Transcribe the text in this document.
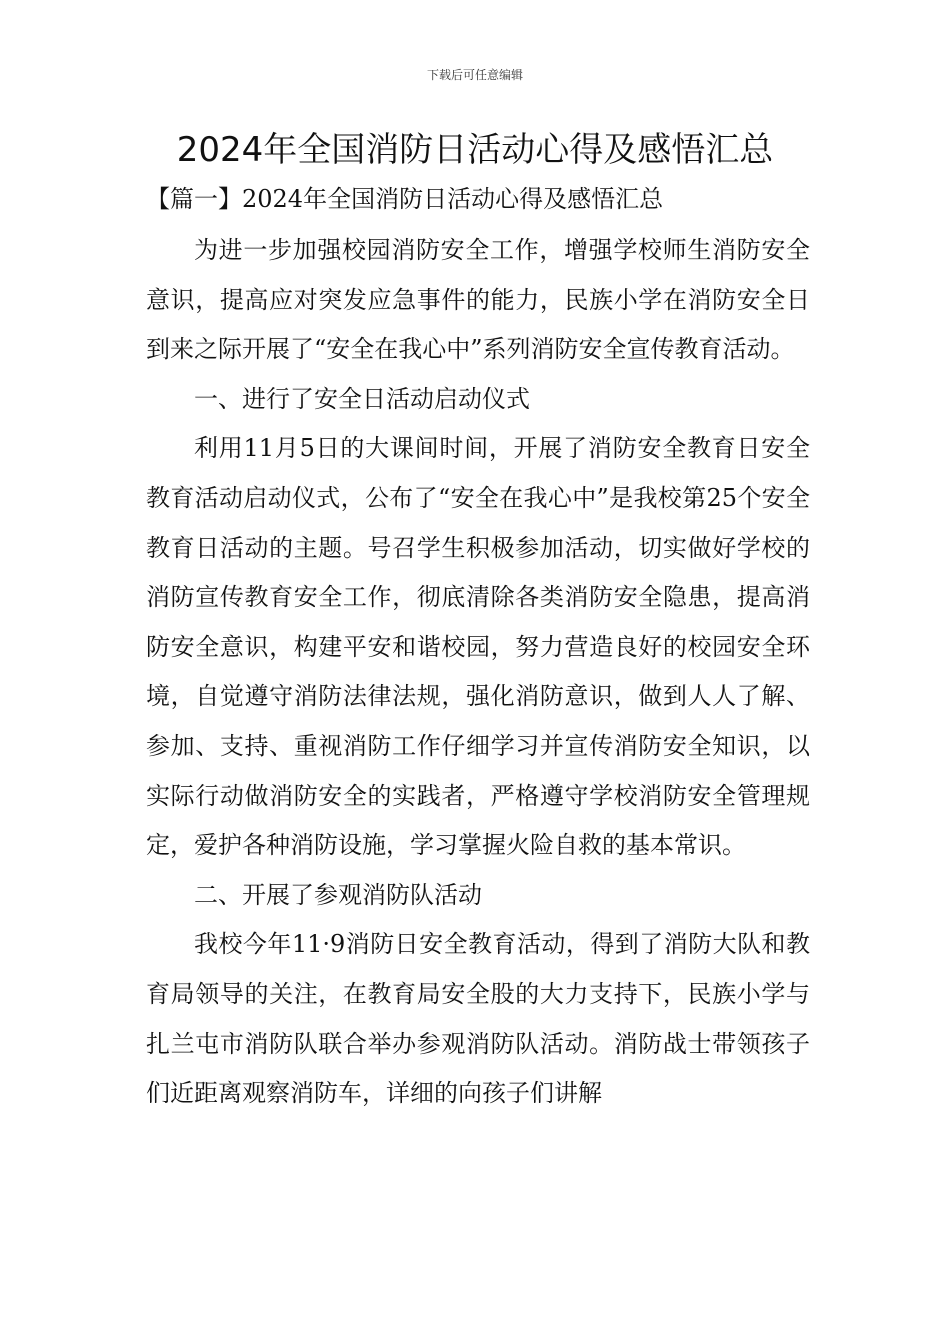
下载后可任意编辑
2024年全国消防日活动心得及感悟汇总
【篇一】2024年全国消防日活动心得及感悟汇总

为进一步加强校园消防安全工作，增强学校师生消防安全意识，提高应对突发应急事件的能力，民族小学在消防安全日到来之际开展了“安全在我心中”系列消防安全宣传教育活动。

一、进行了安全日活动启动仪式

利用11月5日的大课间时间，开展了消防安全教育日安全教育活动启动仪式，公布了“安全在我心中”是我校第25个安全教育日活动的主题。号召学生积极参加活动，切实做好学校的消防宣传教育安全工作，彻底清除各类消防安全隐患，提高消防安全意识，构建平安和谐校园，努力营造良好的校园安全环境，自觉遵守消防法律法规，强化消防意识，做到人人了解、参加、支持、重视消防工作仔细学习并宣传消防安全知识，以实际行动做消防安全的实践者，严格遵守学校消防安全管理规定，爱护各种消防设施，学习掌握火险自救的基本常识。

二、开展了参观消防队活动

我校今年11·9消防日安全教育活动，得到了消防大队和教育局领导的关注，在教育局安全股的大力支持下，民族小学与扎兰屯市消防队联合举办参观消防队活动。消防战士带领孩子们近距离观察消防车，详细的向孩子们讲解
